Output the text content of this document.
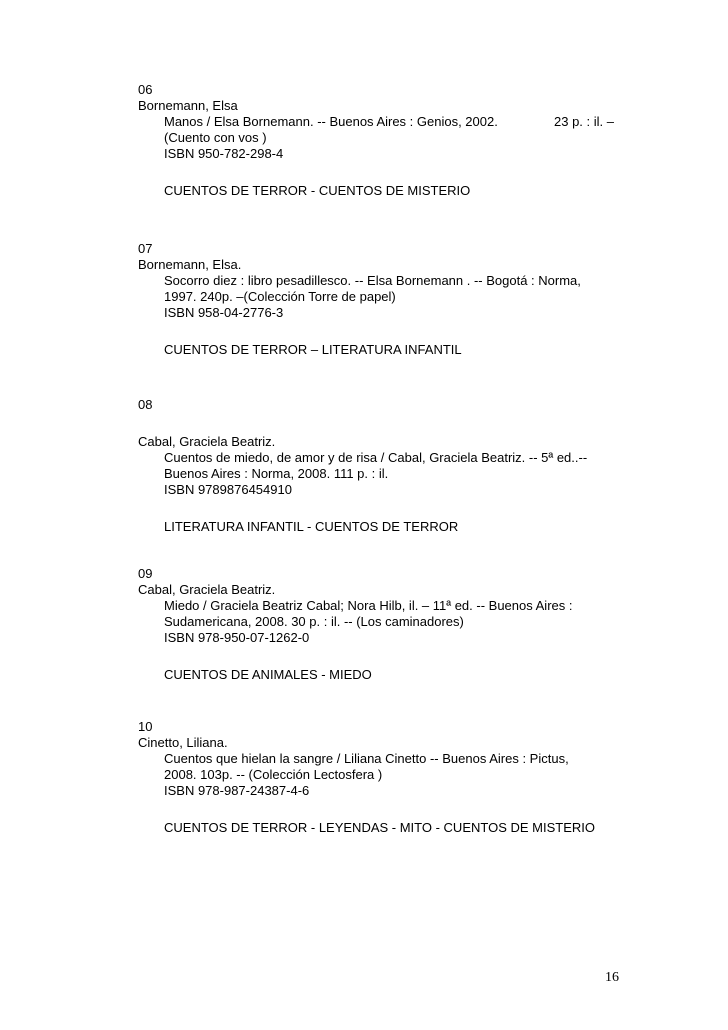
06
Bornemann, Elsa
Manos / Elsa Bornemann. -- Buenos Aires : Genios, 2002.	23 p. : il. –
(Cuento con vos )
ISBN 950-782-298-4
CUENTOS DE TERROR - CUENTOS DE MISTERIO
07
Bornemann, Elsa.
Socorro diez : libro pesadillesco. -- Elsa Bornemann . -- Bogotá : Norma,
1997. 240p. –(Colección Torre de papel)
ISBN 958-04-2776-3
CUENTOS DE TERROR – LITERATURA INFANTIL
08
Cabal, Graciela Beatriz.
Cuentos de miedo, de amor y de risa / Cabal, Graciela Beatriz. -- 5ª ed..--
Buenos Aires : Norma, 2008. 111 p. : il.
ISBN 9789876454910
LITERATURA INFANTIL - CUENTOS DE TERROR
09
Cabal, Graciela Beatriz.
Miedo / Graciela Beatriz Cabal; Nora Hilb, il. – 11ª ed. -- Buenos Aires :
Sudamericana, 2008. 30 p. : il. -- (Los caminadores)
ISBN 978-950-07-1262-0
CUENTOS DE ANIMALES - MIEDO
10
Cinetto, Liliana.
Cuentos que hielan la sangre / Liliana Cinetto -- Buenos Aires : Pictus,
2008. 103p. -- (Colección Lectosfera )
ISBN 978-987-24387-4-6
CUENTOS DE TERROR - LEYENDAS - MITO - CUENTOS DE MISTERIO
16
